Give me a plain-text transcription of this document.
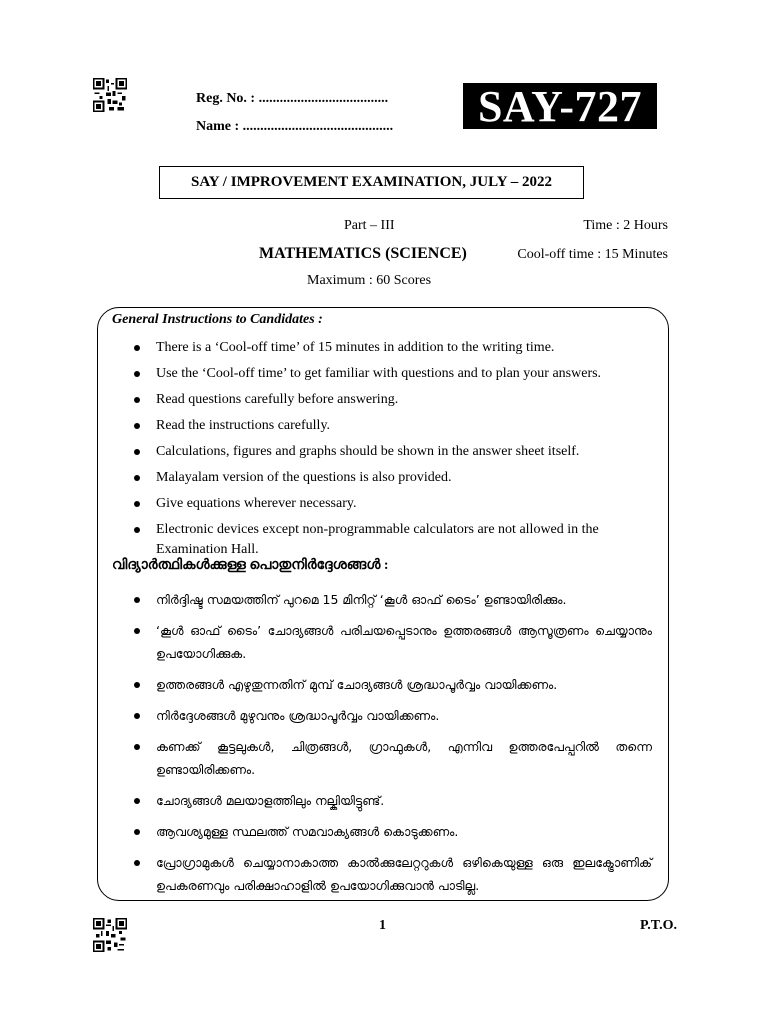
Reg. No. : .....................................
Name : ...........................................	SAY-727
SAY / IMPROVEMENT EXAMINATION, JULY – 2022
Part – III	Time : 2 Hours
MATHEMATICS (SCIENCE)	Cool-off time : 15 Minutes
Maximum : 60 Scores
General Instructions to Candidates :
There is a ‘Cool-off time’ of 15 minutes in addition to the writing time.
Use the ‘Cool-off time’ to get familiar with questions and to plan your answers.
Read questions carefully before answering.
Read the instructions carefully.
Calculations, figures and graphs should be shown in the answer sheet itself.
Malayalam version of the questions is also provided.
Give equations wherever necessary.
Electronic devices except non-programmable calculators are not allowed in the Examination Hall.
വിദ്യാർത്ഥികൾക്കുള്ള പൊതുനിർദ്ദേശങ്ങൾ :
നിർദ്ദിഷ്ട സമയത്തിന് പുറമെ 15 മിനിറ്റ് ‘കൂൾ ഓഫ് ടൈം’ ഉണ്ടായിരിക്കും.
‘കൂൾ ഓഫ് ടൈം’ ചോദ്യങ്ങൾ പരിചയപ്പെടാനും ഉത്തരങ്ങൾ ആസൂത്രണം ചെയ്യാനും ഉപയോഗിക്കുക.
ഉത്തരങ്ങൾ എഴുതുന്നതിന് മുമ്പ് ചോദ്യങ്ങൾ ശ്രദ്ധാപൂർവ്വം വായിക്കണം.
നിർദ്ദേശങ്ങൾ മുഴുവനും ശ്രദ്ധാപൂർവ്വം വായിക്കണം.
കണക്ക് കൂട്ടലുകൾ, ചിത്രങ്ങൾ, ഗ്രാഫുകൾ, എന്നിവ ഉത്തരപേപ്പറിൽ തന്നെ ഉണ്ടായിരിക്കണം.
ചോദ്യങ്ങൾ മലയാളത്തിലും നല്കിയിട്ടുണ്ട്.
ആവശ്യമുള്ള സ്ഥലത്ത് സമവാക്യങ്ങൾ കൊടുക്കണം.
പ്രോഗ്രാമുകൾ ചെയ്യാനാകാത്ത കാൽക്കുലേറ്ററുകൾ ഒഴികെയുള്ള ഒരു ഇലക്ട്രോണിക് ഉപകരണവും പരിക്ഷാഹാളിൽ ഉപയോഗിക്കുവാൻ പാടില്ല.
1	P.T.O.
